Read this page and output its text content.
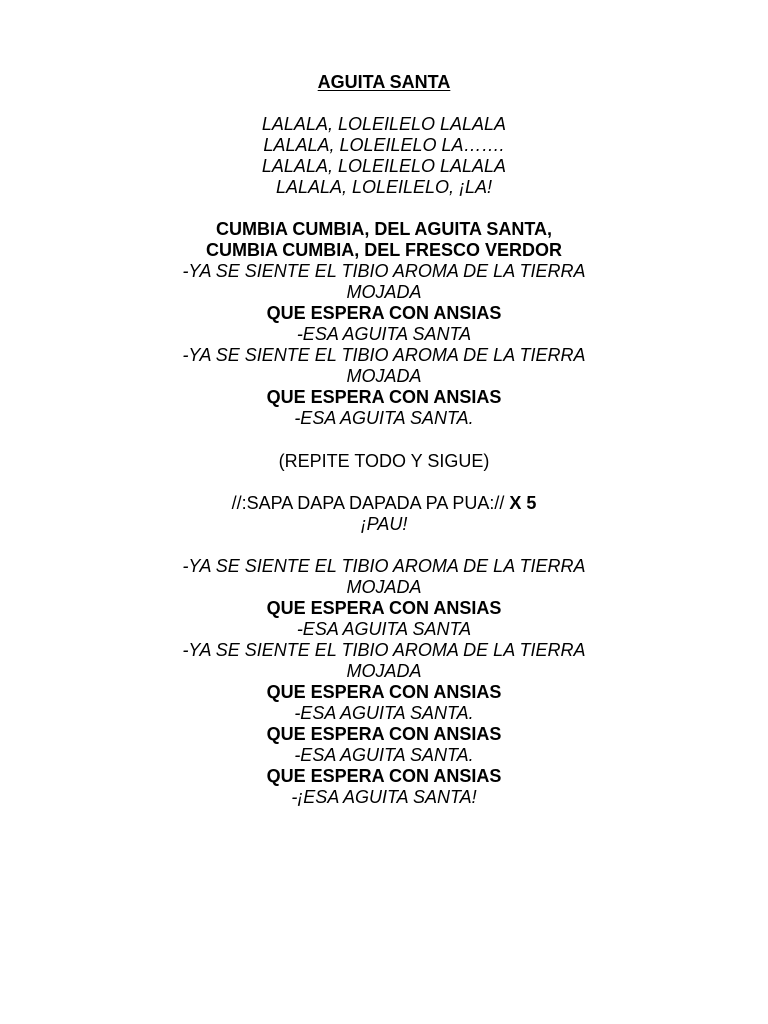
AGUITA SANTA
LALALA, LOLEILELO LALALA
LALALA, LOLEILELO LA…….
LALALA, LOLEILELO LALALA
LALALA, LOLEILELO, ¡LA!
CUMBIA CUMBIA, DEL AGUITA SANTA,
CUMBIA CUMBIA, DEL FRESCO VERDOR
-YA SE SIENTE EL TIBIO AROMA DE LA TIERRA
MOJADA
QUE ESPERA CON ANSIAS
-ESA AGUITA SANTA
-YA SE SIENTE EL TIBIO AROMA DE LA TIERRA
MOJADA
QUE ESPERA CON ANSIAS
-ESA AGUITA SANTA.
(REPITE TODO Y SIGUE)
//:SAPA DAPA DAPADA PA PUA:// X 5
¡PAU!
-YA SE SIENTE EL TIBIO AROMA DE LA TIERRA
MOJADA
QUE ESPERA CON ANSIAS
-ESA AGUITA SANTA
-YA SE SIENTE EL TIBIO AROMA DE LA TIERRA
MOJADA
QUE ESPERA CON ANSIAS
-ESA AGUITA SANTA.
QUE ESPERA CON ANSIAS
-ESA AGUITA SANTA.
QUE ESPERA CON ANSIAS
-¡ESA AGUITA SANTA!
